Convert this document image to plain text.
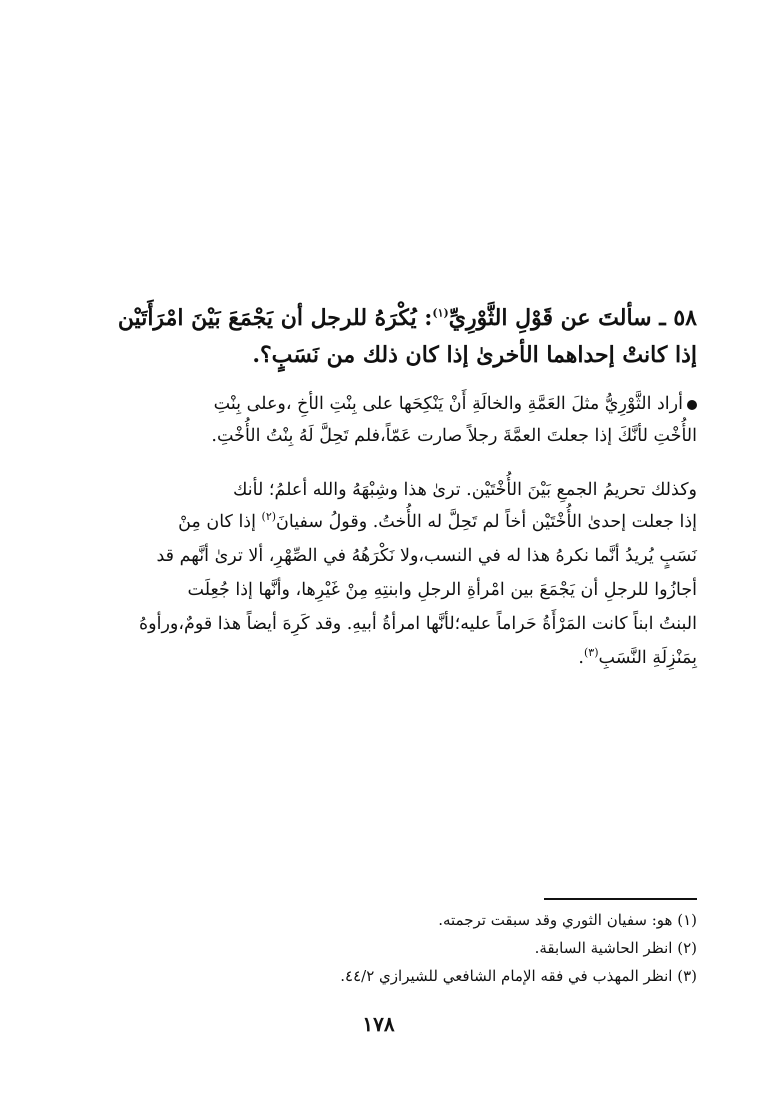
٥٨ ـ سألتَ عن قَوْلِ الثَّوْرِيِّ$^{(١)}$: يُكْرَهُ للرجل أن يَجْمَعَ بَيْنَ امْرَأَتَيْن
إذا كانتْ إحداهما الأخرىٰ إذا كان ذلك من نَسَبٍ؟.
أراد الثَّوْرِيُّ مثلَ العَمَّةِ والخالَةِ أَنْ يَنْكِحَها على بِنْتِ الأخِ ،وعلى بِنْتِ
الأُخْتِ لأنَّكَ إذا جعلتَ العمَّةَ رجلاً صارت عَمّاً،فلم تَحِلَّ لَهُ بِنْتُ الأُخْتِ.
وكذلك تحريمُ الجمعِ بَيْنَ الأُخْتَيْن. ترىٰ هذا وشِبْهَهُ والله أعلمُ؛ لأنك
إذا جعلت إحدىٰ الأُخْتَيْن أخاً لم تَحِلَّ له الأُختُ. وقولُ سفيانَ$^{(٢)}$ إذا كان مِنْ
نَسَبٍ يُريدُ أنَّما نكرهُ هذا له في النسب،ولا نَكْرَهُهُ في الصِّهْرِ، ألا ترىٰ أنَّهم قد
أجازُوا للرجلِ أن يَجْمَعَ بين امْرأةِ الرجلِ وابنتِهِ مِنْ غَيْرِها، وأنَّها إذا جُعِلَت
البنتُ ابناً كانت المَرْأَةُ حَراماً عليه؛لأنَّها امرأةُ أبيهِ. وقد كَرِهَ أيضاً هذا قومٌ،ورأوهُ
بِمَنْزِلَةِ النَّسَبِ$^{(٣)}$.
(١) هو: سفيان الثوري وقد سبقت ترجمته.
(٢) انظر الحاشية السابقة.
(٣) انظر المهذب في فقه الإمام الشافعي للشيرازي ٤٤/٢.
١٧٨
